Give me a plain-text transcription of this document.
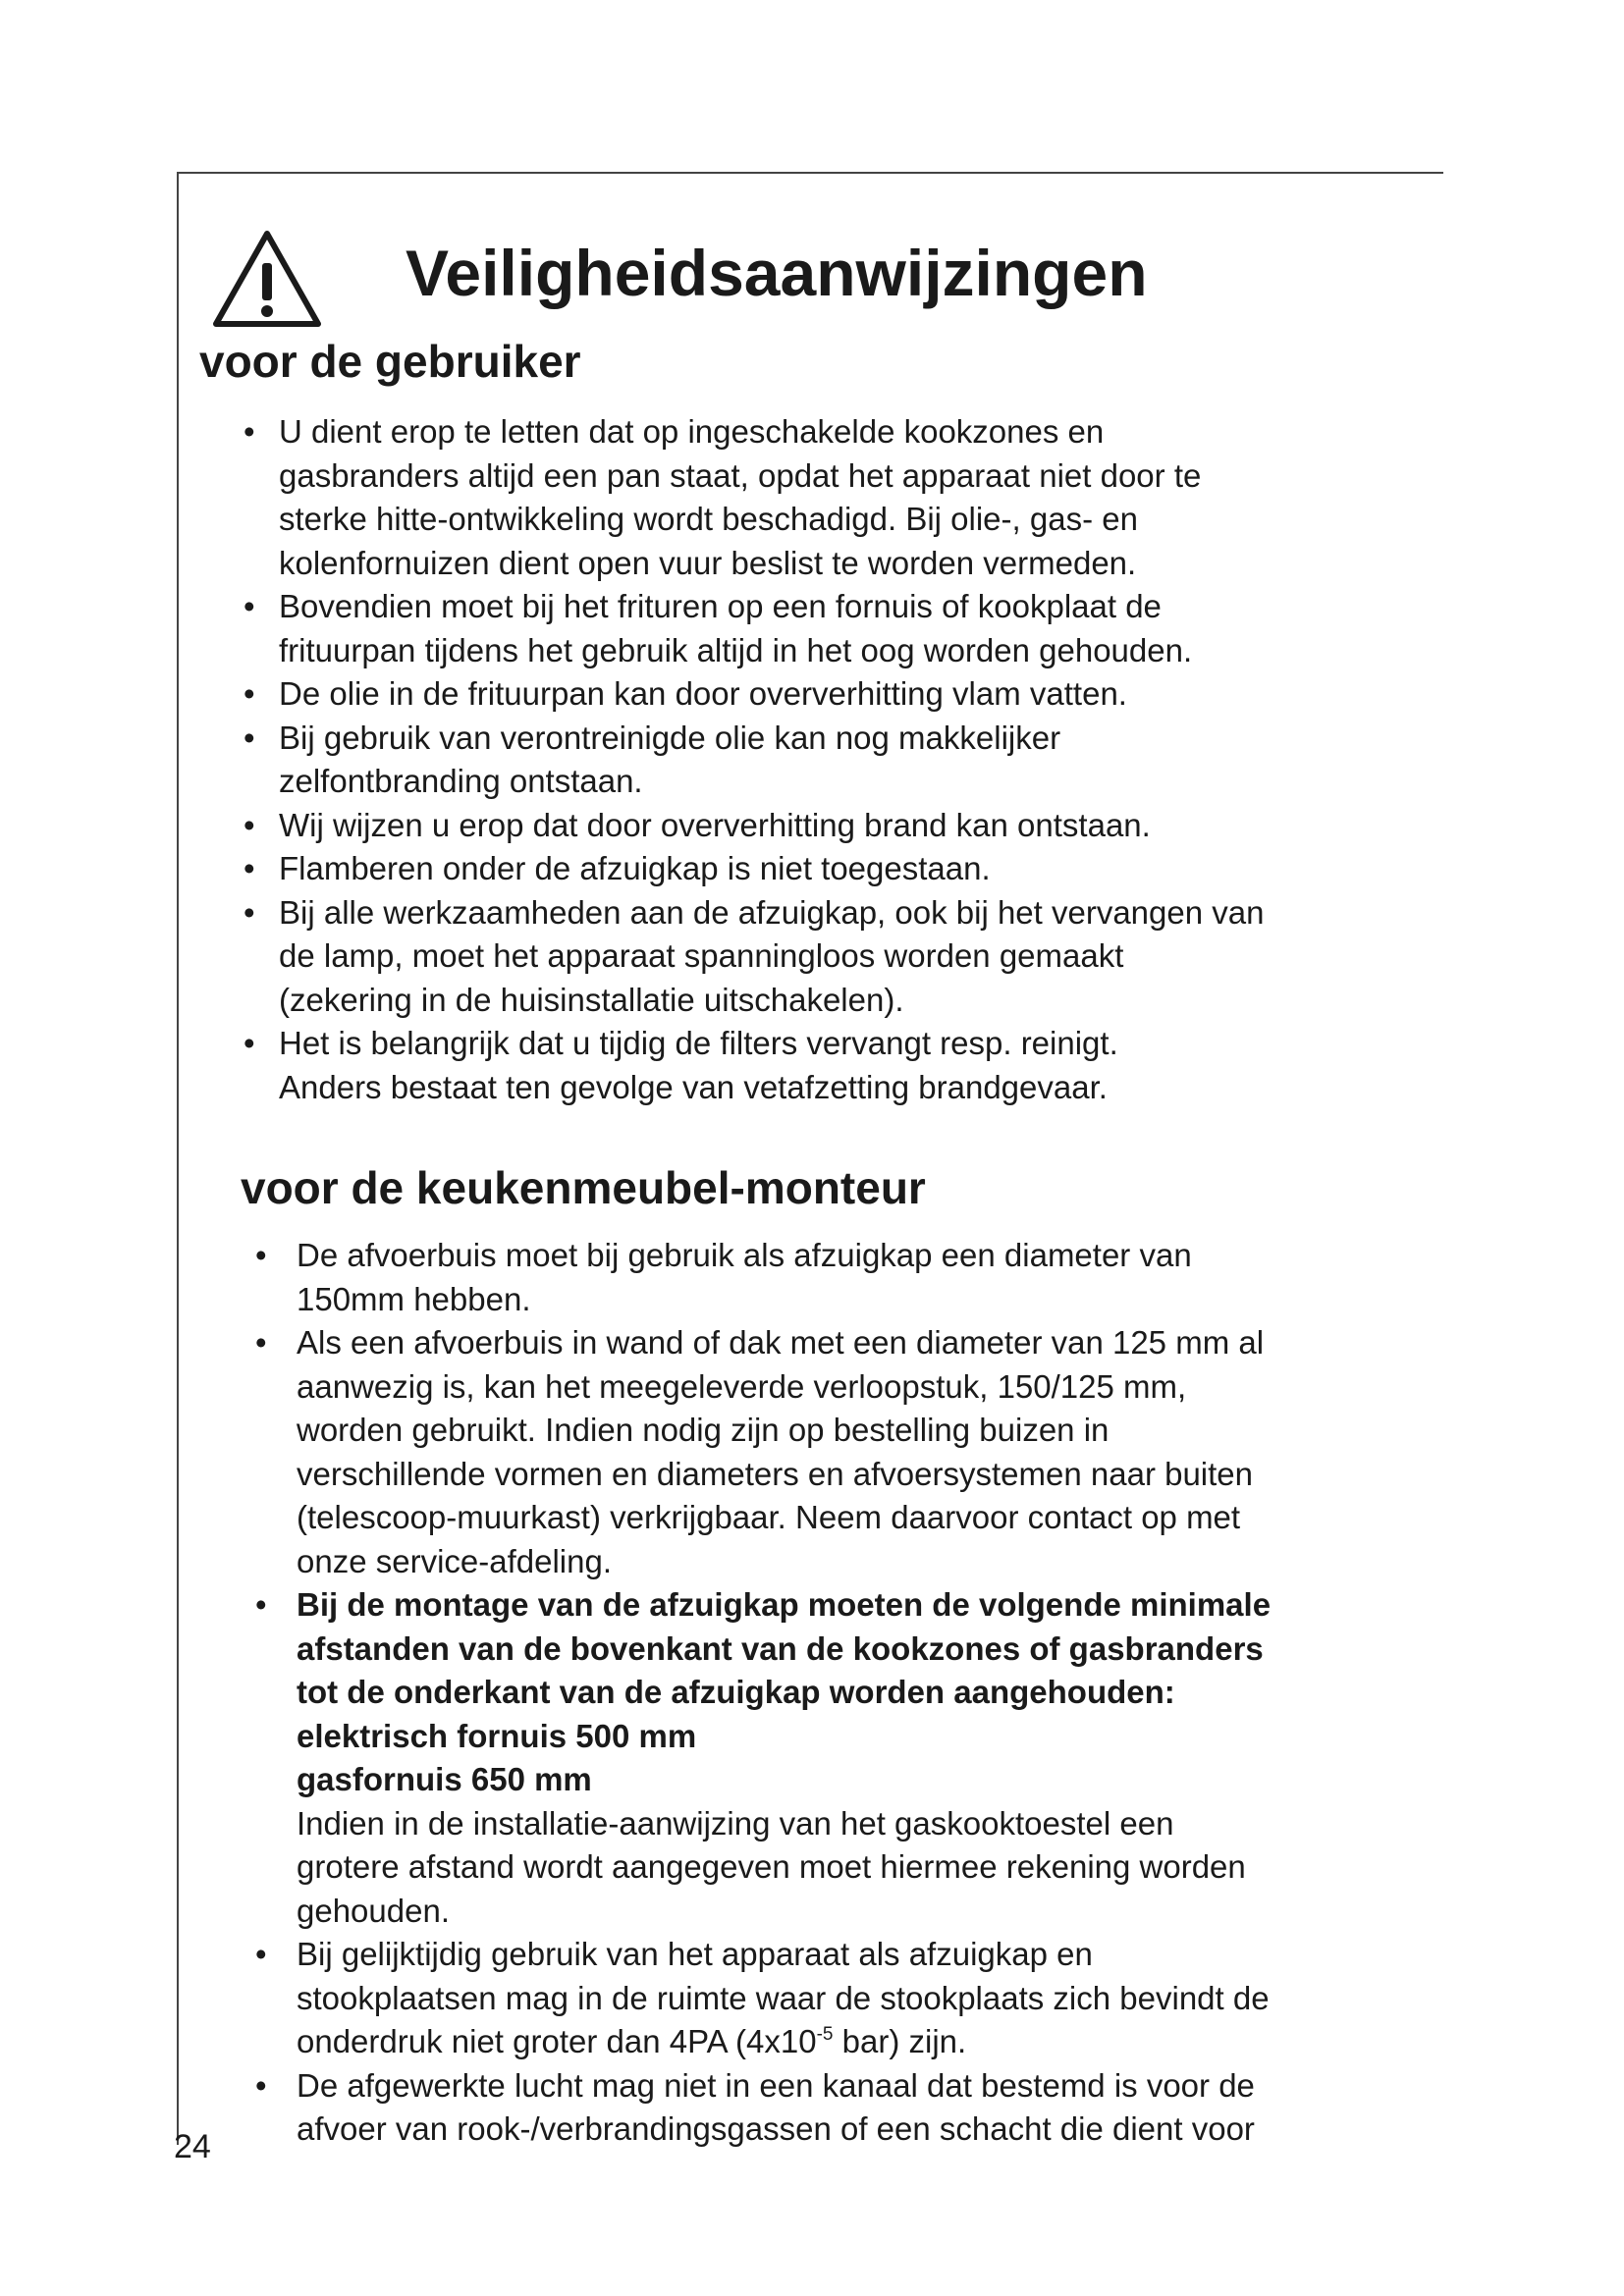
Veiligheidsaanwijzingen
voor de gebruiker
• U dient erop te letten dat op ingeschakelde kookzones en
gasbranders altijd een pan staat, opdat het apparaat niet door te
sterke hitte-ontwikkeling wordt beschadigd. Bij olie-, gas- en
kolenfornuizen dient open vuur beslist te worden vermeden.
• Bovendien moet bij het frituren op een fornuis of kookplaat de
frituurpan tijdens het gebruik altijd in het oog worden gehouden.
• De olie in de frituurpan kan door oververhitting vlam vatten.
• Bij gebruik van verontreinigde olie kan nog makkelijker
zelfontbranding ontstaan.
• Wij wijzen u erop dat door oververhitting brand kan ontstaan.
• Flamberen onder de afzuigkap is niet toegestaan.
• Bij alle werkzaamheden aan de afzuigkap, ook bij het vervangen van
de lamp, moet het apparaat spanningloos worden gemaakt
(zekering in de huisinstallatie uitschakelen).
• Het is belangrijk dat u tijdig de filters vervangt resp. reinigt.
Anders bestaat ten gevolge van vetafzetting brandgevaar.
voor de keukenmeubel-monteur
• De afvoerbuis moet bij gebruik als afzuigkap een diameter van
150mm hebben.
• Als een afvoerbuis in wand of dak met een diameter van 125 mm al
aanwezig is, kan het meegeleverde verloopstuk, 150/125 mm,
worden gebruikt. Indien nodig zijn op bestelling buizen in
verschillende vormen en diameters en afvoersystemen naar buiten
(telescoop-muurkast) verkrijgbaar. Neem daarvoor contact op met
onze service-afdeling.
• Bij de montage van de afzuigkap moeten de volgende minimale
afstanden van de bovenkant van de kookzones of gasbranders
tot de onderkant van de afzuigkap worden aangehouden:
elektrisch fornuis 500 mm
gasfornuis 650 mm
Indien in de installatie-aanwijzing van het gaskooktoestel een
grotere afstand wordt aangegeven moet hiermee rekening worden
gehouden.
• Bij gelijktijdig gebruik van het apparaat als afzuigkap en
stookplaatsen mag in de ruimte waar de stookplaats zich bevindt de
onderdruk niet groter dan 4PA ($4x10^{-5}$ bar) zijn.
• De afgewerkte lucht mag niet in een kanaal dat bestemd is voor de
afvoer van rook-/verbrandingsgassen of een schacht die dient voor
24
